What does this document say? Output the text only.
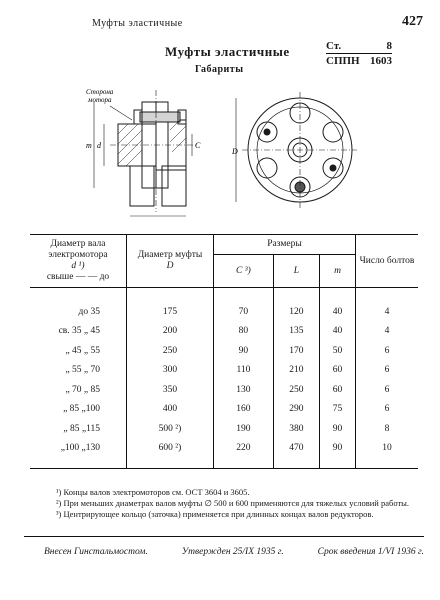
Муфты эластичные	427
Муфты эластичные
Габариты
Ст.	8
СППН 1603
Сторона
мотора
d
m	C
D
Диаметр вала электромотора
d ¹)
свыше — — до	Диаметр муфты
D	Размеры			Число болтов
		C ³)	L	m	
до 35	175	70	120	40	4
св. 35 „ 45	200	80	135	40	4
„ 45 „ 55	250	90	170	50	6
„ 55 „ 70	300	110	210	60	6
„ 70 „ 85	350	130	250	60	6
„ 85 „100	400	160	290	75	6
„ 85 „115	500 ²)	190	380	90	8
„100 „130	600 ²)	220	470	90	10

¹) Концы валов электромоторов см. ОСТ 3604 и 3605.

²) При меньших диаметрах валов муфты ∅ 500 и 600 применяются для тяжелых условий работы.

³) Центрирующее кольцо (заточка) применяется при длинных концах валов редукторов.

Внесен Гинстальмостом.	Утвержден 25/IX 1935 г.	Срок введения 1/VI 1936 г.
